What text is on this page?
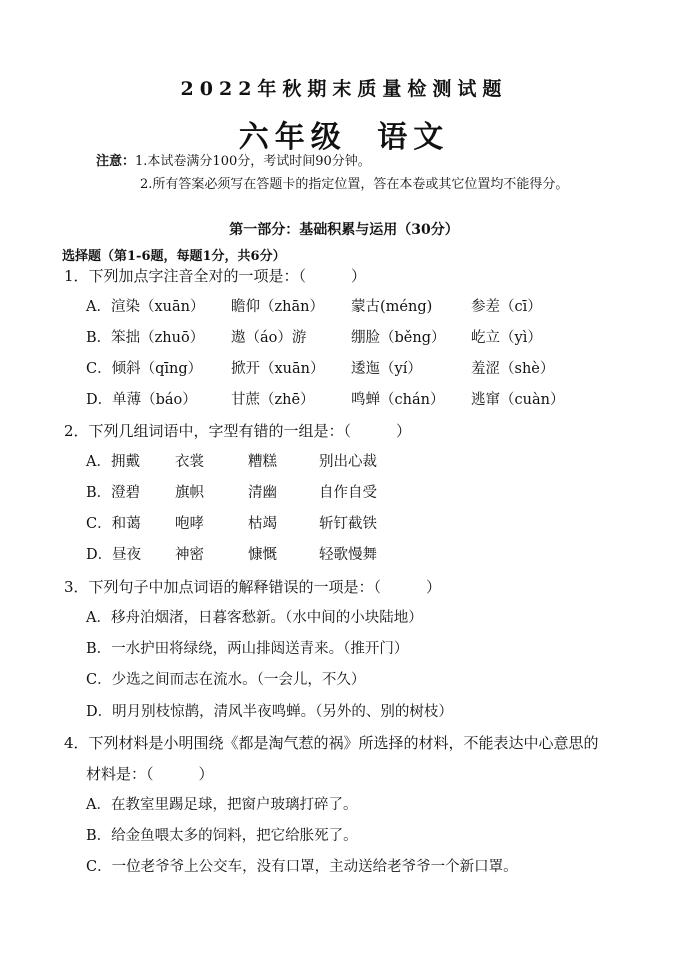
2022年秋期末质量检测试题
六年级 语文
注意：1.本试卷满分100分，考试时间90分钟。
2.所有答案必须写在答题卡的指定位置，答在本卷或其它位置均不能得分。
第一部分：基础积累与运用（30分）
选择题（第1-6题，每题1分，共6分）
1．下列加点字注音全对的一项是：（　　　）
A．渲染（xuān） 瞻仰（zhān） 蒙古(méng)	参差（cī）
B．笨拙（zhuō） 遨（áo）游	绷脸（běng） 屹立（yì）
C．倾斜（qīng） 掀开（xuān） 逶迤（yí）	羞涩（shè）
D．单薄（báo） 甘蔗（zhē）	鸣蝉（chán） 逃窜（cuàn）
2．下列几组词语中，字型有错的一组是：（　　　）
A．拥戴 衣裳	糟糕	别出心裁
B．澄碧 旗帜	清幽	自作自受
C．和蔼 咆哮	枯竭	斩钉截铁
D．昼夜 神密	慷慨	轻歌慢舞
3．下列句子中加点词语的解释错误的一项是：（　　　）
A．移舟泊烟渚，日暮客愁新。（水中间的小块陆地）
B．一水护田将绿绕，两山排闼送青来。（推开门）
C．少选之间而志在流水。（一会儿，不久）
D．明月别枝惊鹊，清风半夜鸣蝉。（另外的、别的树枝）
4．下列材料是小明围绕《都是淘气惹的祸》所选择的材料，不能表达中心意思的
材料是：（　　　）
A．在教室里踢足球，把窗户玻璃打碎了。
B．给金鱼喂太多的饲料，把它给胀死了。
C．一位老爷爷上公交车，没有口罩，主动送给老爷爷一个新口罩。
